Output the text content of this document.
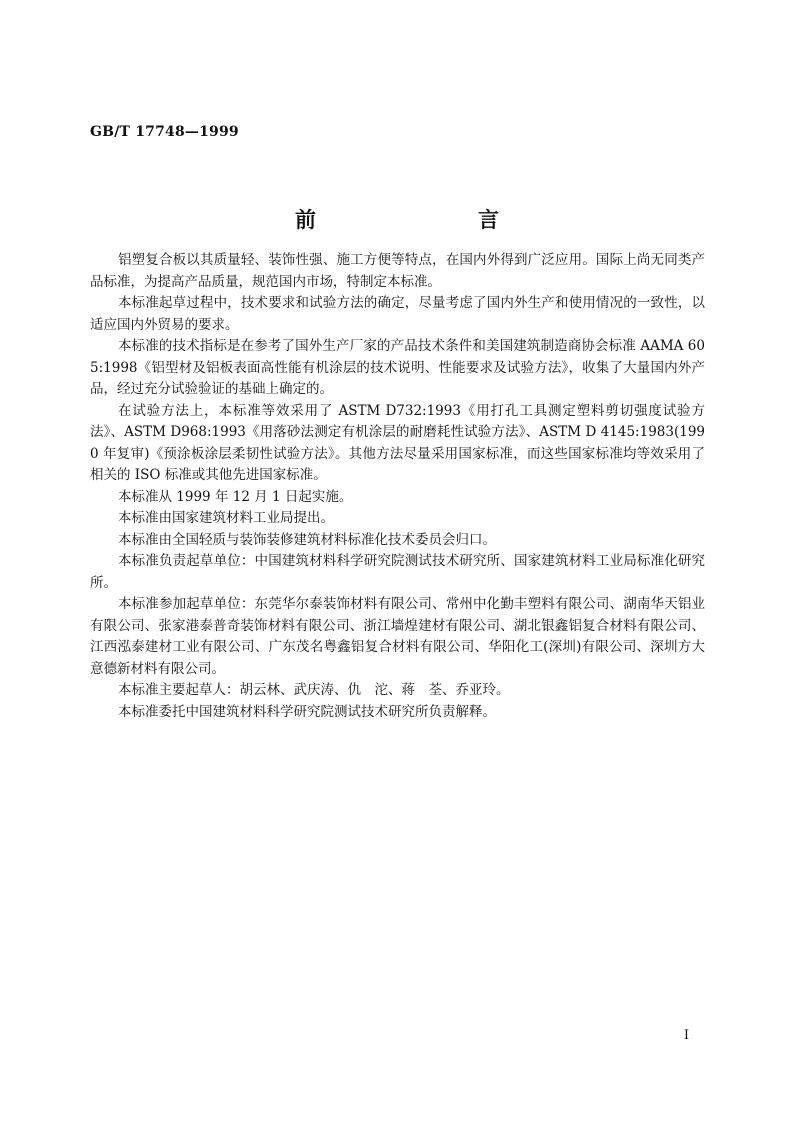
GB/T 17748—1999
前　　言

铝塑复合板以其质量轻、装饰性强、施工方便等特点，在国内外得到广泛应用。国际上尚无同类产品标准，为提高产品质量，规范国内市场，特制定本标准。

本标准起草过程中，技术要求和试验方法的确定，尽量考虑了国内外生产和使用情况的一致性，以适应国内外贸易的要求。

本标准的技术指标是在参考了国外生产厂家的产品技术条件和美国建筑制造商协会标准 AAMA 605:1998《铝型材及铝板表面高性能有机涂层的技术说明、性能要求及试验方法》，收集了大量国内外产品，经过充分试验验证的基础上确定的。

在试验方法上，本标准等效采用了 ASTM D732:1993《用打孔工具测定塑料剪切强度试验方法》、ASTM D968:1993《用落砂法测定有机涂层的耐磨耗性试验方法》、ASTM D 4145:1983(1990 年复审)《预涂板涂层柔韧性试验方法》。其他方法尽量采用国家标准，而这些国家标准均等效采用了相关的 ISO 标准或其他先进国家标准。

本标准从 1999 年 12 月 1 日起实施。

本标准由国家建筑材料工业局提出。

本标准由全国轻质与装饰装修建筑材料标准化技术委员会归口。

本标准负责起草单位：中国建筑材料科学研究院测试技术研究所、国家建筑材料工业局标准化研究所。

本标准参加起草单位：东莞华尔泰装饰材料有限公司、常州中化勤丰塑料有限公司、湖南华天铝业有限公司、张家港泰普奇装饰材料有限公司、浙江墙煌建材有限公司、湖北银鑫铝复合材料有限公司、江西泓泰建材工业有限公司、广东茂名粤鑫铝复合材料有限公司、华阳化工(深圳)有限公司、深圳方大意德新材料有限公司。

本标准主要起草人：胡云林、武庆涛、仇　沱、蒋　荃、乔亚玲。

本标准委托中国建筑材料科学研究院测试技术研究所负责解释。

I
